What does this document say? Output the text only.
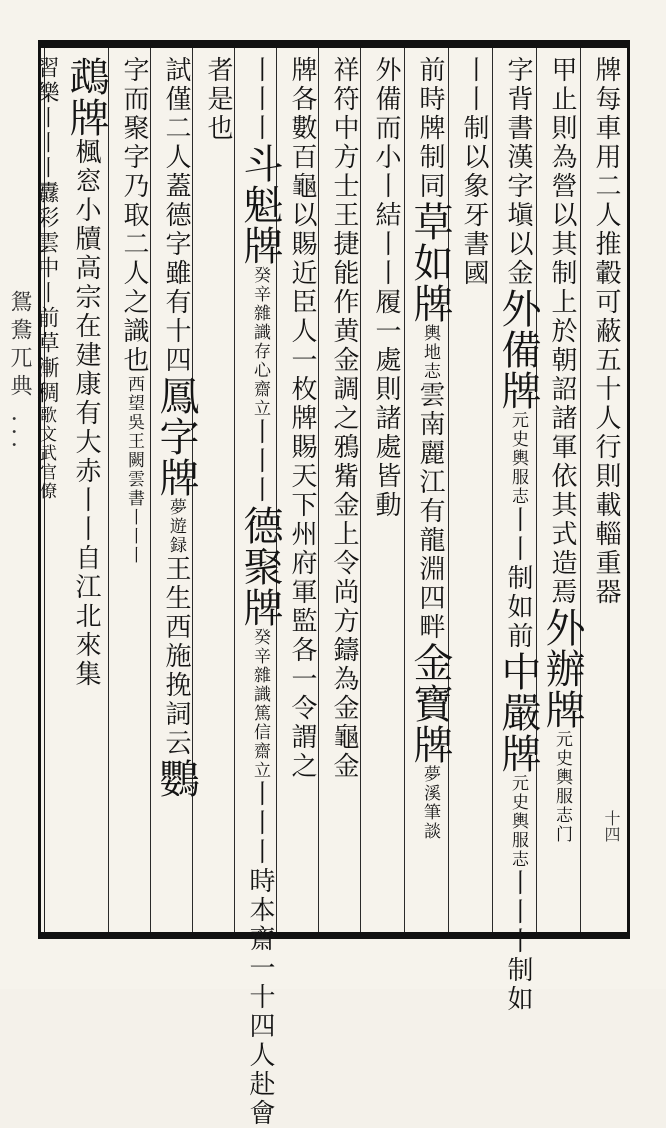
鴛鴦兀典 ...
十四
牌每車用二人推轂可蔽五十人行則載輜重器
甲止則為營以其制上於朝詔諸軍依其式造焉外辦牌元史輿服志门
字背書漢字塡以金外備牌元史輿服志丨丨制如前中嚴牌元史輿服志丨丨丨制如
丨丨制以象牙書國
前時牌制同草如牌輿地志雲南麗江有龍淵四畔金寶牌夢溪筆談
外備而小丨結丨丨履一處則諸處皆動
祥符中方士王捷能作黄金調之鴉觜金上令尚方鑄為金龜金
牌各數百龜以賜近臣人一枚牌賜天下州府軍監各一令謂之
丨丨丨斗魁牌癸辛雜識存心齋立丨丨丨德聚牌癸辛雜識篤信齋立丨丨丨時本齋一十四人赴會
者是也
試僅二人蓋德字雖有十四鳳字牌夢遊録王生西施挽詞云鸚
字而聚字乃取二人之識也西望吳王闕雲書丨丨丨
鵡牌楓窓小牘高宗在建康有大赤丨丨自江北來集
習樂丨丨丨纛彩雲中丨前草漸稠歌文武官僚
